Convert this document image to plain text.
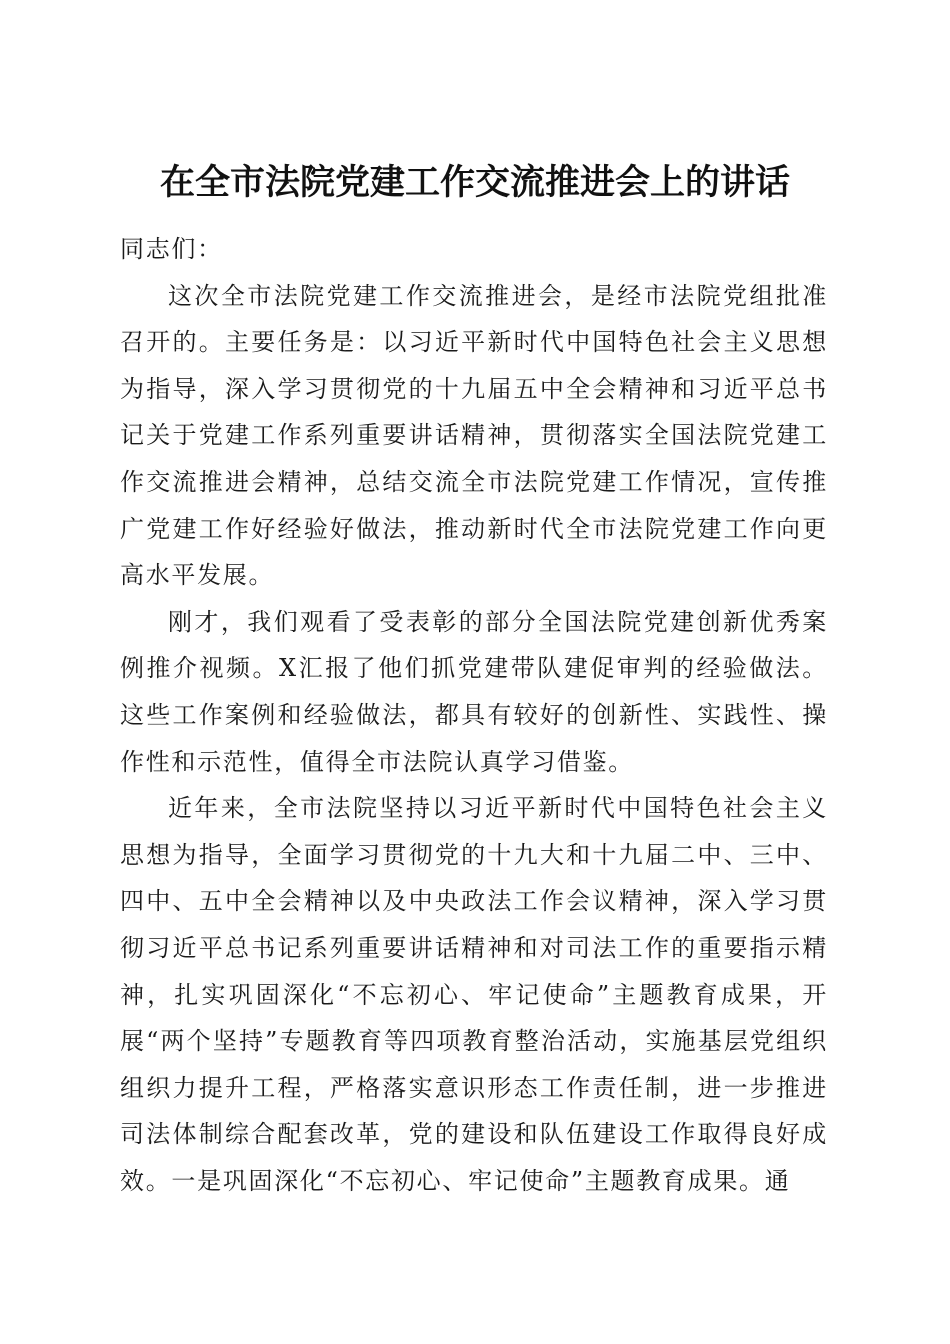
在全市法院党建工作交流推进会上的讲话

同志们：

这次全市法院党建工作交流推进会，是经市法院党组批准召开的。主要任务是：以习近平新时代中国特色社会主义思想为指导，深入学习贯彻党的十九届五中全会精神和习近平总书记关于党建工作系列重要讲话精神，贯彻落实全国法院党建工作交流推进会精神，总结交流全市法院党建工作情况，宣传推广党建工作好经验好做法，推动新时代全市法院党建工作向更高水平发展。

刚才，我们观看了受表彰的部分全国法院党建创新优秀案例推介视频。X汇报了他们抓党建带队建促审判的经验做法。这些工作案例和经验做法，都具有较好的创新性、实践性、操作性和示范性，值得全市法院认真学习借鉴。

近年来，全市法院坚持以习近平新时代中国特色社会主义思想为指导，全面学习贯彻党的十九大和十九届二中、三中、四中、五中全会精神以及中央政法工作会议精神，深入学习贯彻习近平总书记系列重要讲话精神和对司法工作的重要指示精神，扎实巩固深化“不忘初心、牢记使命”主题教育成果，开展“两个坚持”专题教育等四项教育整治活动，实施基层党组织组织力提升工程，严格落实意识形态工作责任制，进一步推进司法体制综合配套改革，党的建设和队伍建设工作取得良好成效。一是巩固深化“不忘初心、牢记使命”主题教育成果。通
